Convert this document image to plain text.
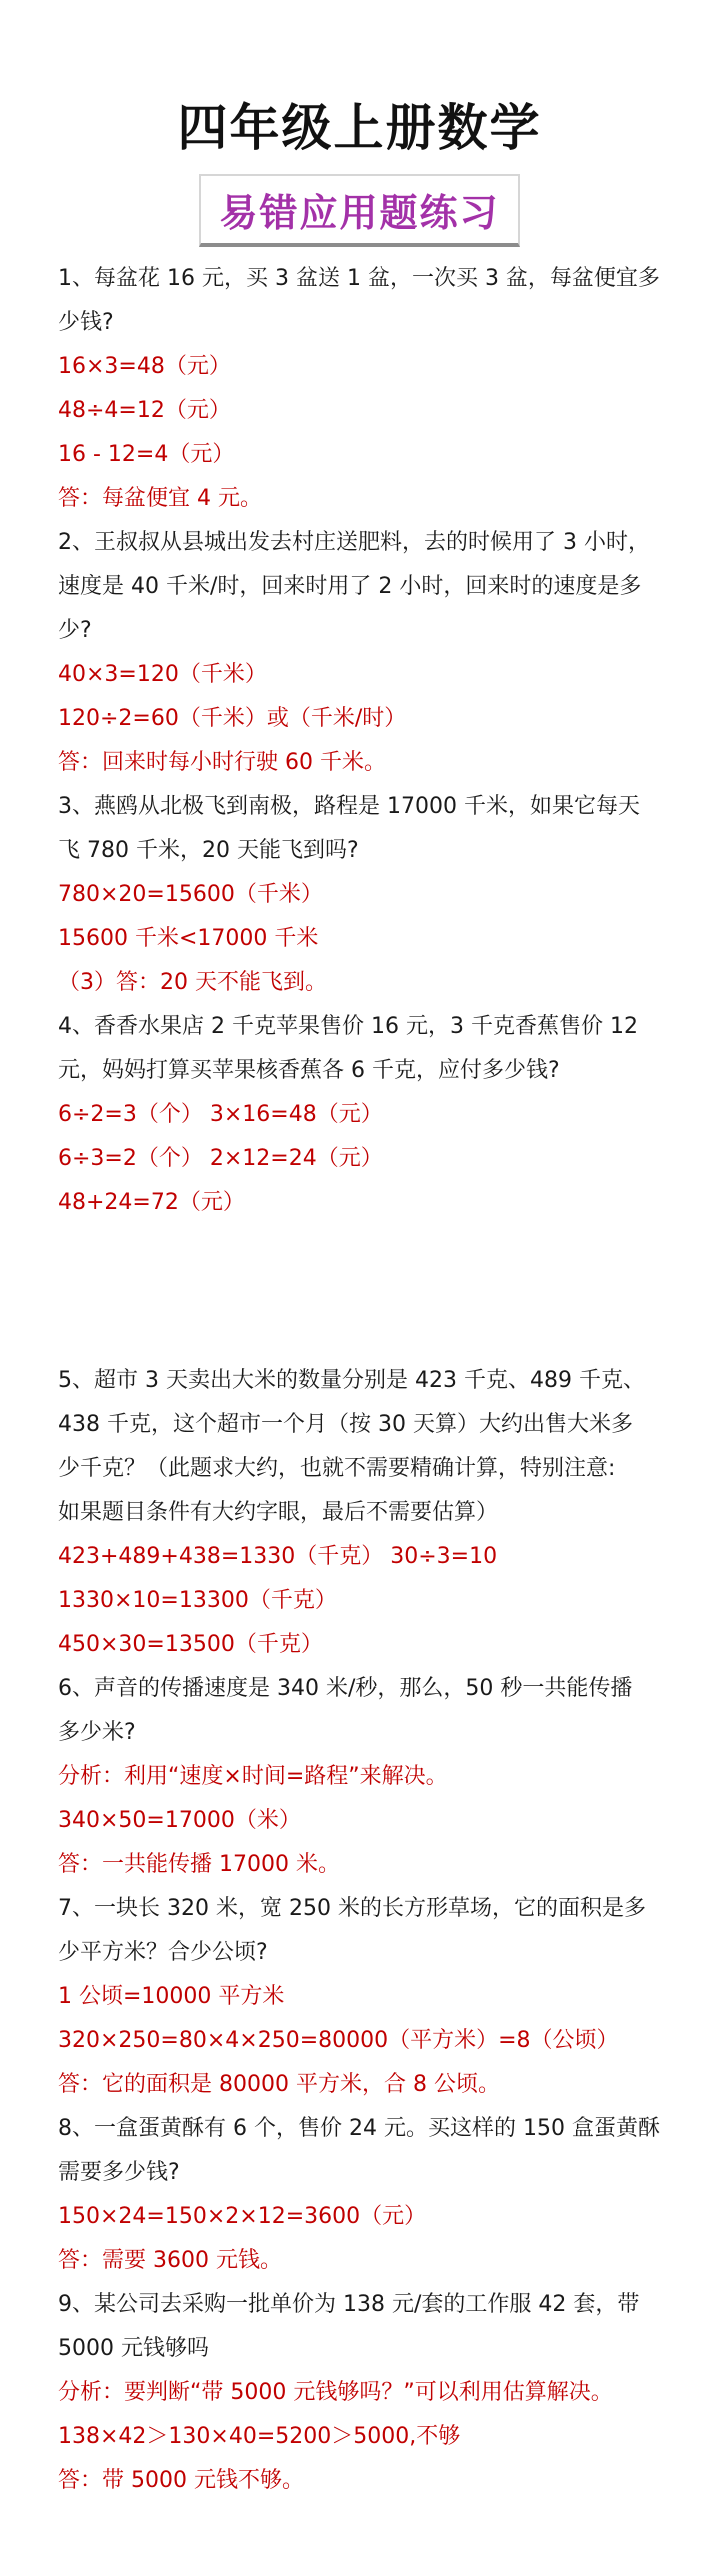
四年级上册数学
易错应用题练习
1、每盆花 16 元，买 3 盆送 1 盆，一次买 3 盆，每盆便宜多
少钱?
16×3=48（元）
48÷4=12（元）
16 - 12=4（元）
答：每盆便宜 4 元。
2、王叔叔从县城出发去村庄送肥料，去的时候用了 3 小时，
速度是 40 千米/时，回来时用了 2 小时，回来时的速度是多
少?
40×3=120（千米）
120÷2=60（千米）或（千米/时）
答：回来时每小时行驶 60 千米。
3、燕鸥从北极飞到南极，路程是 17000 千米，如果它每天
飞 780 千米，20 天能飞到吗?
780×20=15600（千米）
15600 千米<17000 千米
（3）答：20 天不能飞到。
4、香香水果店 2 千克苹果售价 16 元，3 千克香蕉售价 12
元，妈妈打算买苹果核香蕉各 6 千克，应付多少钱?
6÷2=3（个） 3×16=48（元）
6÷3=2（个） 2×12=24（元）
48+24=72（元）
5、超市 3 天卖出大米的数量分别是 423 千克、489 千克、
438 千克，这个超市一个月（按 30 天算）大约出售大米多
少千克？（此题求大约，也就不需要精确计算，特别注意:
如果题目条件有大约字眼，最后不需要估算）
423+489+438=1330（千克） 30÷3=10
1330×10=13300（千克）
450×30=13500（千克）
6、声音的传播速度是 340 米/秒，那么，50 秒一共能传播
多少米?
分析：利用“速度×时间=路程”来解决。
340×50=17000（米）
答：一共能传播 17000 米。
7、一块长 320 米，宽 250 米的长方形草场，它的面积是多
少平方米？合少公顷?
1 公顷=10000 平方米
320×250=80×4×250=80000（平方米）=8（公顷）
答：它的面积是 80000 平方米，合 8 公顷。
8、一盒蛋黄酥有 6 个，售价 24 元。买这样的 150 盒蛋黄酥
需要多少钱?
150×24=150×2×12=3600（元）
答：需要 3600 元钱。
9、某公司去采购一批单价为 138 元/套的工作服 42 套，带
5000 元钱够吗
分析：要判断“带 5000 元钱够吗？”可以利用估算解决。
138×42＞130×40=5200＞5000,不够
答：带 5000 元钱不够。
